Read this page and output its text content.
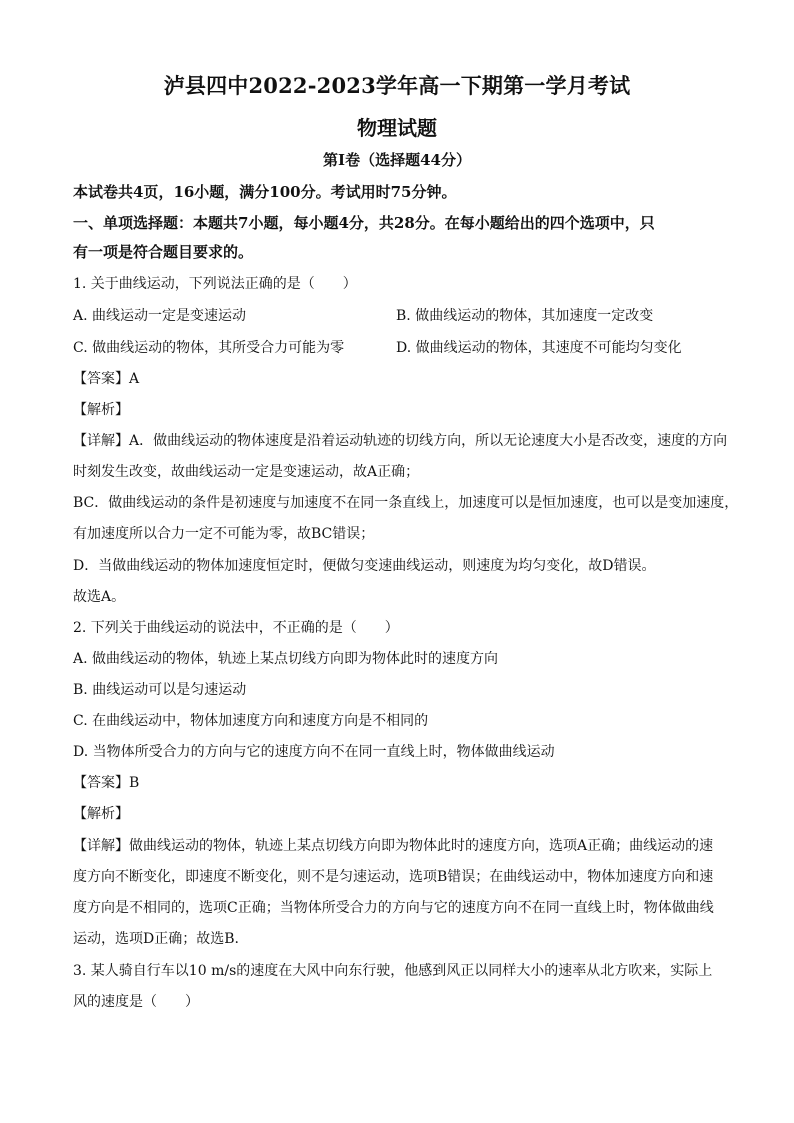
泸县四中2022-2023学年高一下期第一学月考试
物理试题
第I卷（选择题44分）
本试卷共4页，16小题，满分100分。考试用时75分钟。
一、单项选择题：本题共7小题，每小题4分，共28分。在每小题给出的四个选项中，只
有一项是符合题目要求的。
1. 关于曲线运动，下列说法正确的是（　　）
A. 曲线运动一定是变速运动	B. 做曲线运动的物体，其加速度一定改变
C. 做曲线运动的物体，其所受合力可能为零	D. 做曲线运动的物体，其速度不可能均匀变化
【答案】A
【解析】
【详解】A．做曲线运动的物体速度是沿着运动轨迹的切线方向，所以无论速度大小是否改变，速度的方向
时刻发生改变，故曲线运动一定是变速运动，故A正确；
BC．做曲线运动的条件是初速度与加速度不在同一条直线上，加速度可以是恒加速度，也可以是变加速度，
有加速度所以合力一定不可能为零，故BC错误；
D．当做曲线运动的物体加速度恒定时，便做匀变速曲线运动，则速度为均匀变化，故D错误。
故选A。
2. 下列关于曲线运动的说法中，不正确的是（　　）
A. 做曲线运动的物体，轨迹上某点切线方向即为物体此时的速度方向
B. 曲线运动可以是匀速运动
C. 在曲线运动中，物体加速度方向和速度方向是不相同的
D. 当物体所受合力的方向与它的速度方向不在同一直线上时，物体做曲线运动
【答案】B
【解析】
【详解】做曲线运动的物体，轨迹上某点切线方向即为物体此时的速度方向，选项A正确；曲线运动的速
度方向不断变化，即速度不断变化，则不是匀速运动，选项B错误；在曲线运动中，物体加速度方向和速
度方向是不相同的，选项C正确；当物体所受合力的方向与它的速度方向不在同一直线上时，物体做曲线
运动，选项D正确；故选B.
3. 某人骑自行车以10 m/s的速度在大风中向东行驶，他感到风正以同样大小的速率从北方吹来，实际上
风的速度是（　　）
